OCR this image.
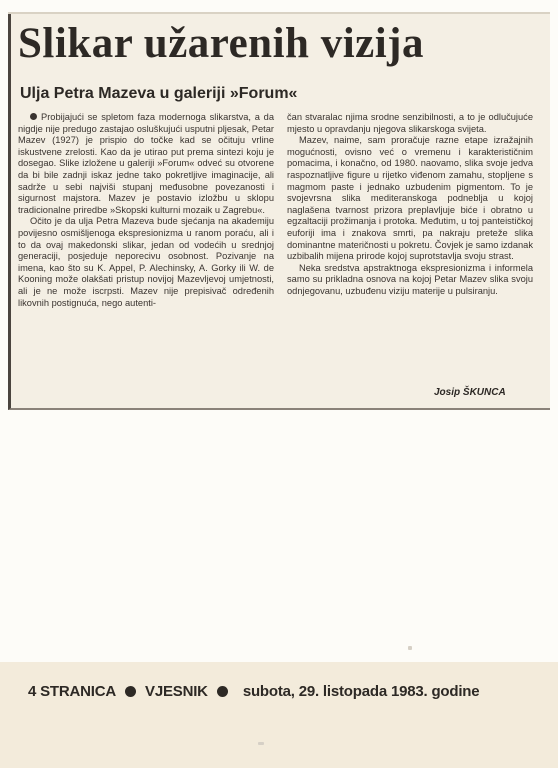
Slikar užarenih vizija
Ulja Petra Mazeva u galeriji »Forum«

Probijajući se spletom faza modernoga slikarstva, a da nigdje nije predugo zastajao osluškujući usputni pljesak, Petar Mazev (1927) je prispio do točke kad se očituju vrline iskustvene zrelosti. Kao da je utirao put prema sintezi koju je dosegao. Slike izložene u galeriji »Forum« odveć su otvorene da bi bile zadnji iskaz jedne tako pokretljive imaginacije, ali sadrže u sebi najviši stupanj međusobne povezanosti i sigurnost majstora. Mazev je postavio izložbu u sklopu tradicionalne priredbe »Skopski kulturni mozaik u Zagrebu«.

Očito je da ulja Petra Mazeva bude sjećanja na akademiju povijesno osmišljenoga ekspresionizma u ranom poraću, ali i to da ovaj makedonski slikar, jedan od vodećih u srednjoj generaciji, posjeduje neporecivu osobnost. Pozivanje na imena, kao što su K. Appel, P. Alechinsky, A. Gorky ili W. de Kooning može olakšati pristup novijoj Mazevljevoj umjetnosti, ali je ne može iscrpsti. Mazev nije prepisivač određenih likovnih postignuća, nego autenti-

čan stvaralac njima srodne senzibilnosti, a to je odlučujuće mjesto u opravdanju njegova slikarskoga svijeta.

Mazev, naime, sam proračuje razne etape izražajnih mogućnosti, ovisno već o vremenu i karakterističnim pomacima, i konačno, od 1980. naovamo, slika svoje jedva raspoznatljive figure u rijetko viđenom zamahu, stopljene s magmom paste i jednako uzbudenim pigmentom. To je svojevrsna slika mediteranskoga podneblja u kojoj naglašena tvarnost prizora preplavljuje biće i obratno u egzaltaciji prožimanja i protoka. Međutim, u toj panteističkoj euforiji ima i znakova smrti, pa nakraju preteže slika dominantne materičnosti u pokretu. Čovjek je samo izdanak uzbibalih mijena prirode kojoj suprotstavlja svoju strast.

Neka sredstva apstraktnoga ekspresionizma i informela samo su prikladna osnova na kojoj Petar Mazev slika svoju odnjegovanu, uzbuđenu viziju materije u pulsiranju.

Josip ŠKUNCA
4 STRANICA VJESNIK subota, 29. listopada 1983. godine
